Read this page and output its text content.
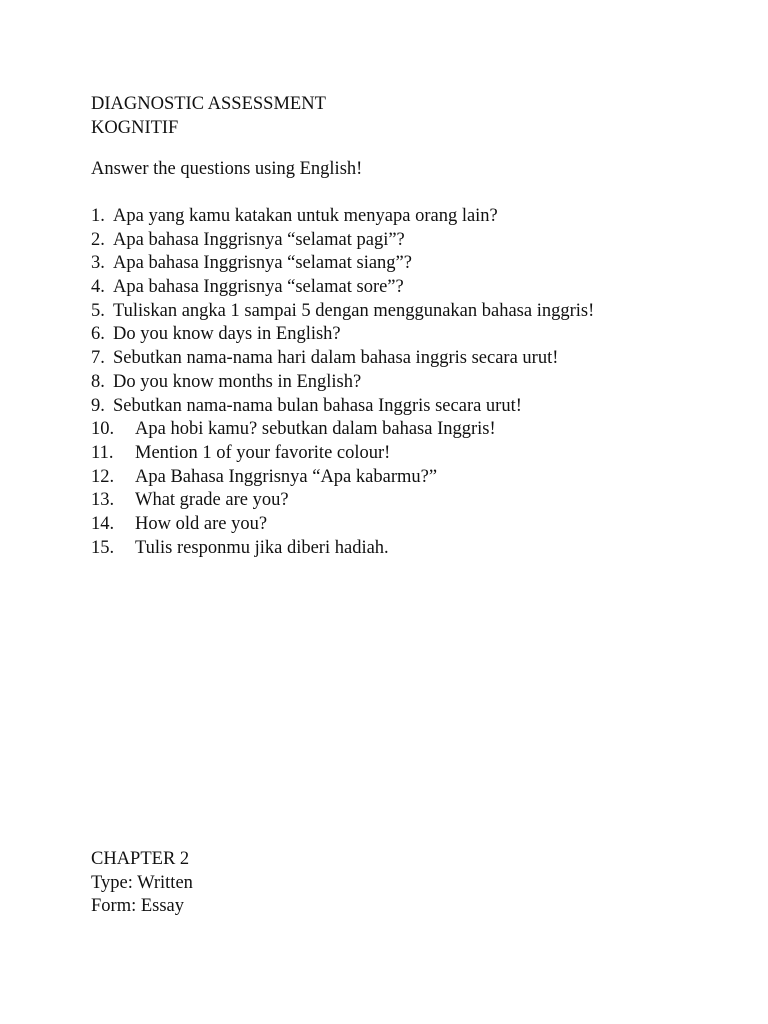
DIAGNOSTIC ASSESSMENT
KOGNITIF
Answer the questions using English!
1. Apa yang kamu katakan untuk menyapa orang lain?
2. Apa bahasa Inggrisnya “selamat pagi”?
3. Apa bahasa Inggrisnya “selamat siang”?
4. Apa bahasa Inggrisnya “selamat sore”?
5. Tuliskan angka 1 sampai 5 dengan menggunakan bahasa inggris!
6. Do you know days in English?
7. Sebutkan nama-nama hari dalam bahasa inggris secara urut!
8. Do you know months in English?
9. Sebutkan nama-nama bulan bahasa Inggris secara urut!
10.	Apa hobi kamu? sebutkan dalam bahasa Inggris!
11.	Mention 1 of your favorite colour!
12.	Apa Bahasa Inggrisnya “Apa kabarmu?”
13.	What grade are you?
14.	How old are you?
15.	Tulis responmu jika diberi hadiah.
CHAPTER 2
Type: Written
Form: Essay
